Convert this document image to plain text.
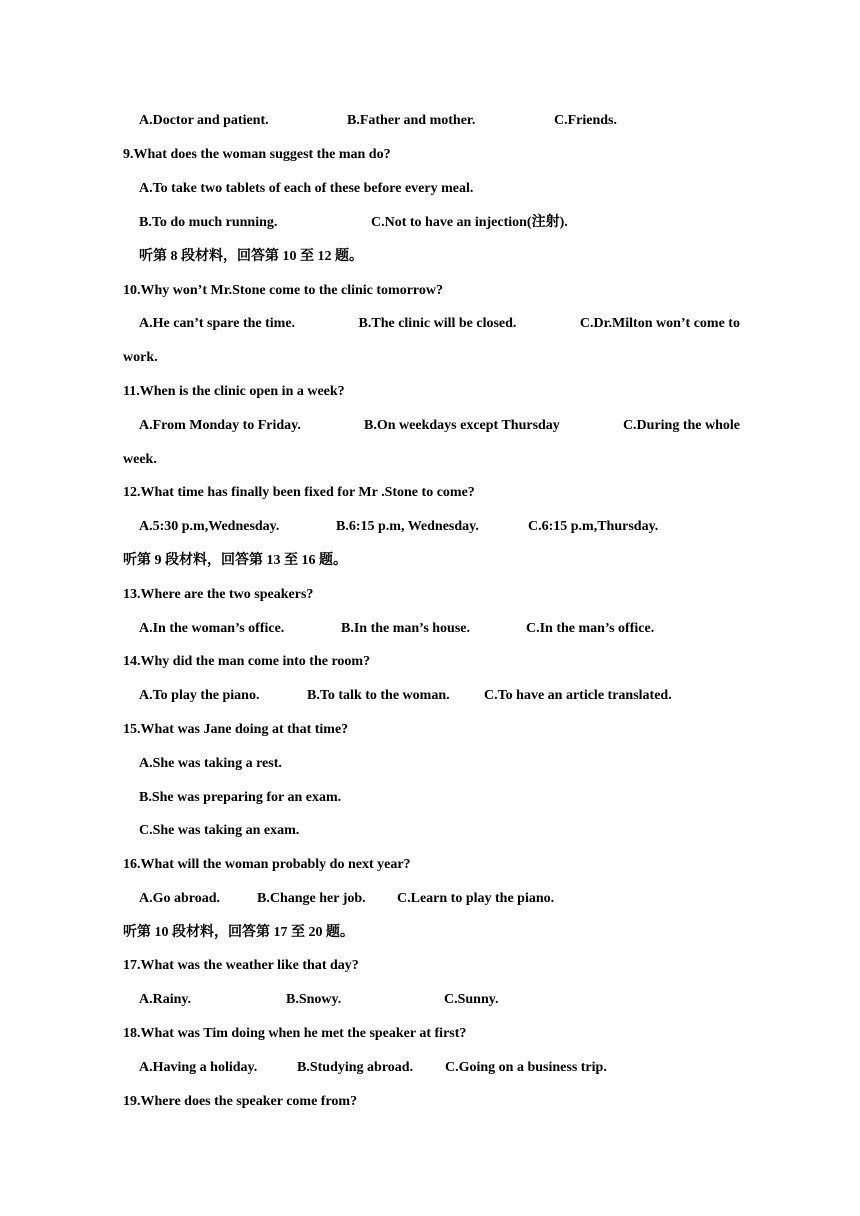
A.Doctor and patient.	B.Father and mother.	C.Friends.
9.What does the woman suggest the man do?
A.To take two tablets of each of these before every meal.
B.To do much running.	C.Not to have an injection(注射).
听第 8 段材料，回答第 10 至 12 题。
10.Why won’t Mr.Stone come to the clinic tomorrow?
A.He can’t spare the time.	B.The clinic will be closed.	C.Dr.Milton won’t come to
work.
11.When is the clinic open in a week?
A.From Monday to Friday.	B.On weekdays except Thursday	C.During the whole
week.
12.What time has finally been fixed for Mr .Stone to come?
A.5:30 p.m,Wednesday.	B.6:15 p.m, Wednesday.	C.6:15 p.m,Thursday.
听第 9 段材料，回答第 13 至 16 题。
13.Where are the two speakers?
A.In the woman’s office.	B.In the man’s house.	C.In the man’s office.
14.Why did the man come into the room?
A.To play the piano.	B.To talk to the woman. C.To have an article translated.
15.What was Jane doing at that time?
A.She was taking a rest.
B.She was preparing for an exam.
C.She was taking an exam.
16.What will the woman probably do next year?
A.Go abroad.	B.Change her job. C.Learn to play the piano.
听第 10 段材料，回答第 17 至 20 题。
17.What was the weather like that day?
A.Rainy.	B.Snowy.	C.Sunny.
18.What was Tim doing when he met the speaker at first?
A.Having a holiday.	B.Studying abroad. C.Going on a business trip.
19.Where does the speaker come from?
